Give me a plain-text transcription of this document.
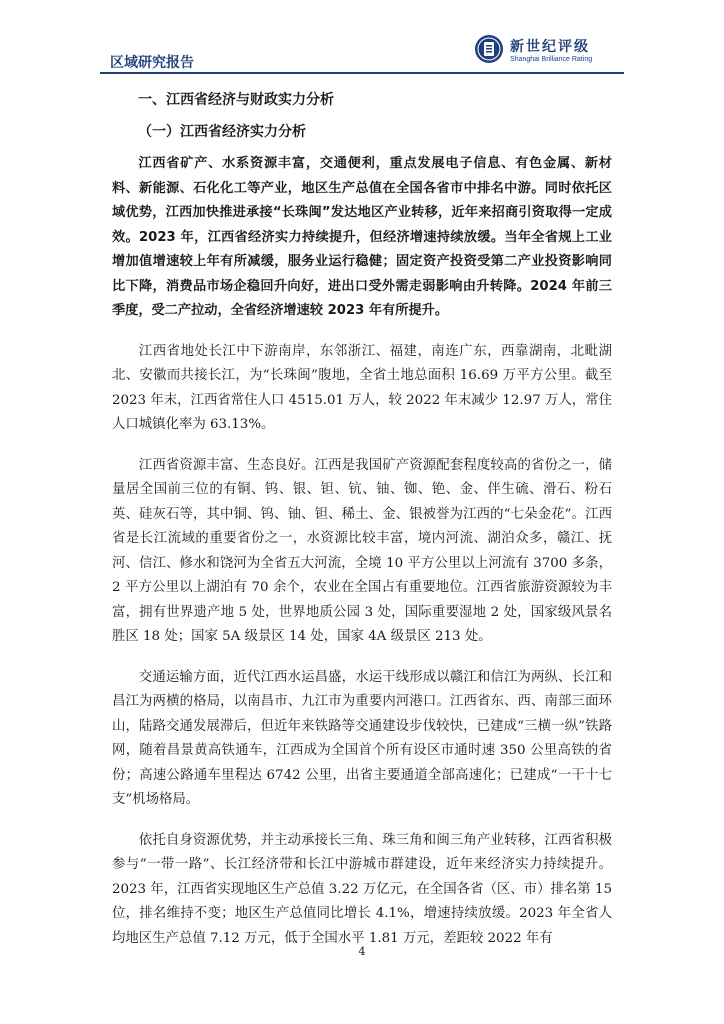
区域研究报告
新世纪评级
Shanghai Brilliance Rating
一、江西省经济与财政实力分析
（一）江西省经济实力分析

江西省矿产、水系资源丰富，交通便利，重点发展电子信息、有色金属、新材料、新能源、石化化工等产业，地区生产总值在全国各省市中排名中游。同时依托区域优势，江西加快推进承接“长珠闽”发达地区产业转移，近年来招商引资取得一定成效。2023 年，江西省经济实力持续提升，但经济增速持续放缓。当年全省规上工业增加值增速较上年有所减缓，服务业运行稳健；固定资产投资受第二产业投资影响同比下降，消费品市场企稳回升向好，进出口受外需走弱影响由升转降。2024 年前三季度，受二产拉动，全省经济增速较 2023 年有所提升。

江西省地处长江中下游南岸，东邻浙江、福建，南连广东，西靠湖南，北毗湖北、安徽而共接长江，为“长珠闽”腹地，全省土地总面积 16.69 万平方公里。截至 2023 年末，江西省常住人口 4515.01 万人，较 2022 年末减少 12.97 万人，常住人口城镇化率为 63.13%。

江西省资源丰富、生态良好。江西是我国矿产资源配套程度较高的省份之一，储量居全国前三位的有铜、钨、银、钽、钪、铀、铷、铯、金、伴生硫、滑石、粉石英、硅灰石等，其中铜、钨、铀、钽、稀土、金、银被誉为江西的“七朵金花”。江西省是长江流域的重要省份之一，水资源比较丰富，境内河流、湖泊众多，赣江、抚河、信江、修水和饶河为全省五大河流，全境 10 平方公里以上河流有 3700 多条，2 平方公里以上湖泊有 70 余个，农业在全国占有重要地位。江西省旅游资源较为丰富，拥有世界遗产地 5 处，世界地质公园 3 处，国际重要湿地 2 处，国家级风景名胜区 18 处；国家 5A 级景区 14 处，国家 4A 级景区 213 处。

交通运输方面，近代江西水运昌盛，水运干线形成以赣江和信江为两纵、长江和昌江为两横的格局，以南昌市、九江市为重要内河港口。江西省东、西、南部三面环山，陆路交通发展滞后，但近年来铁路等交通建设步伐较快，已建成“三横一纵”铁路网，随着昌景黄高铁通车，江西成为全国首个所有设区市通时速 350 公里高铁的省份；高速公路通车里程达 6742 公里，出省主要通道全部高速化；已建成“一干十七支”机场格局。

依托自身资源优势，并主动承接长三角、珠三角和闽三角产业转移，江西省积极参与“一带一路”、长江经济带和长江中游城市群建设，近年来经济实力持续提升。2023 年，江西省实现地区生产总值 3.22 万亿元，在全国各省（区、市）排名第 15 位，排名维持不变；地区生产总值同比增长 4.1%，增速持续放缓。2023 年全省人均地区生产总值 7.12 万元，低于全国水平 1.81 万元，差距较 2022 年有

4
